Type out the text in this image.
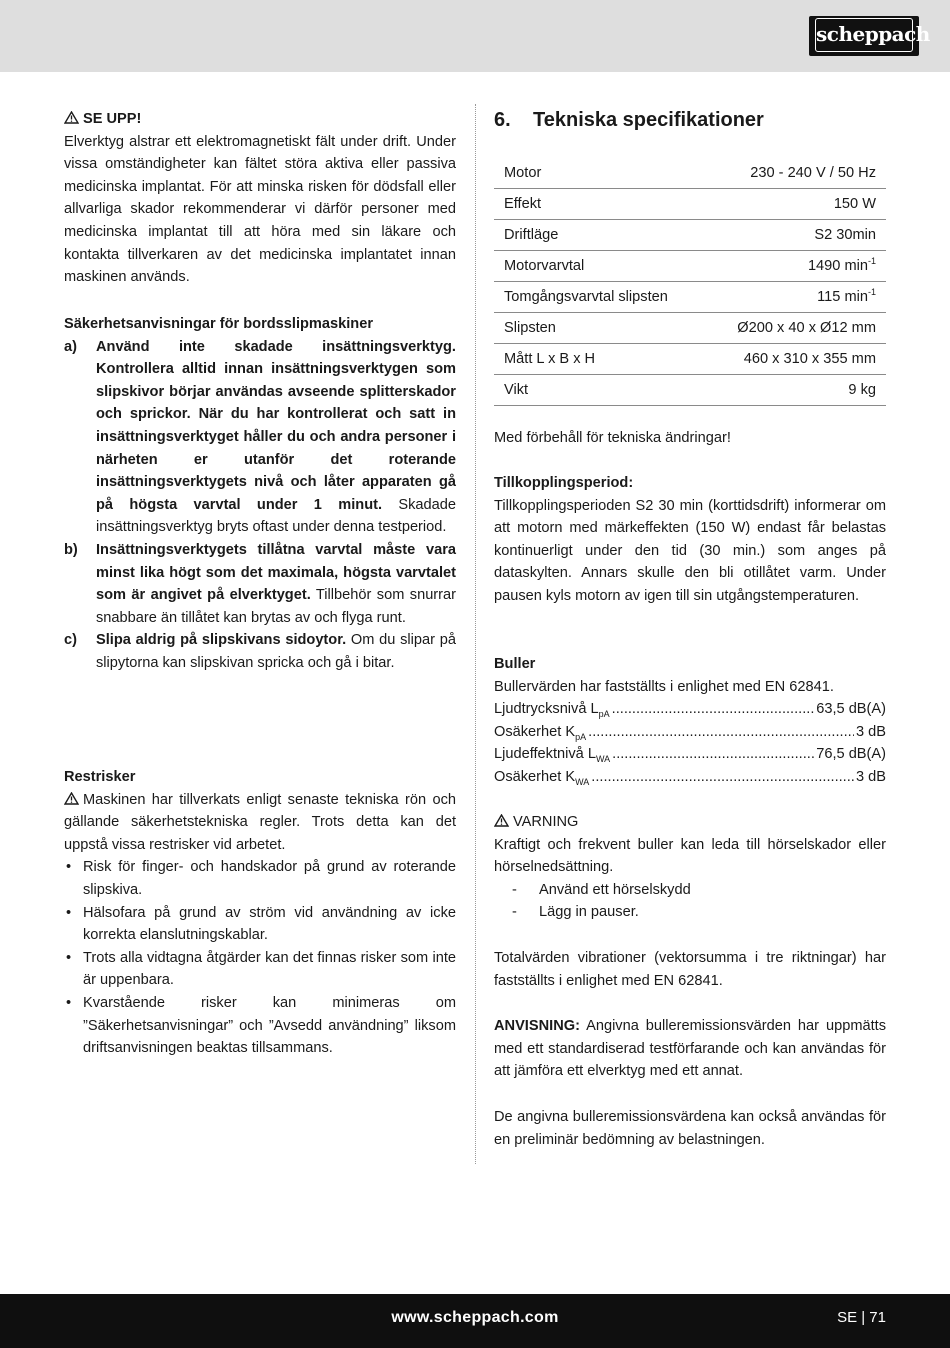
scheppach

SE UPP!

Elverktyg alstrar ett elektromagnetiskt fält under drift. Under vissa omständigheter kan fältet störa aktiva eller passiva medicinska implantat. För att minska risken för dödsfall eller allvarliga skador rekommenderar vi därför personer med medicinska implantat till att höra med sin läkare och kontakta tillverkaren av det medicinska implantatet innan maskinen används.

Säkerhetsanvisningar för bordsslipmaskiner

a) Använd inte skadade insättningsverktyg. Kontrollera alltid innan insättningsverktygen som slipskivor börjar användas avseende splitterskador och sprickor. När du har kontrollerat och satt in insättningsverktyget håller du och andra personer i närheten er utanför det roterande insättningsverktygets nivå och låter apparaten gå på högsta varvtal under 1 minut. Skadade insättningsverktyg bryts oftast under denna testperiod.
b) Insättningsverktygets tillåtna varvtal måste vara minst lika högt som det maximala, högsta varvtalet som är angivet på elverktyget. Tillbehör som snurrar snabbare än tillåtet kan brytas av och flyga runt.
c) Slipa aldrig på slipskivans sidoytor. Om du slipar på slipytorna kan slipskivan spricka och gå i bitar.

Restrisker

Maskinen har tillverkats enligt senaste tekniska rön och gällande säkerhetstekniska regler. Trots detta kan det uppstå vissa restrisker vid arbetet.

• Risk för finger- och handskador på grund av roterande slipskiva.
• Hälsofara på grund av ström vid användning av icke korrekta elanslutningskablar.
• Trots alla vidtagna åtgärder kan det finnas risker som inte är uppenbara.
• Kvarstående risker kan minimeras om ”Säkerhetsanvisningar” och ”Avsedd användning” liksom driftsanvisningen beaktas tillsammans.
6. Tekniska specifikationer
Motor	230 - 240 V / 50 Hz
Effekt	150 W
Driftläge	S2 30min
Motorvarvtal	1490 $\min^{-1}$
Tomgångsvarvtal slipsten	115 $\min^{-1}$
Slipsten	Ø200 x 40 x Ø12 mm
Mått L x B x H	460 x 310 x 355 mm
Vikt	9 kg

Med förbehåll för tekniska ändringar!

Tillkopplingsperiod:

Tillkopplingsperioden S2 30 min (korttidsdrift) informerar om att motorn med märkeffekten (150 W) endast får belastas kontinuerligt under den tid (30 min.) som anges på dataskylten. Annars skulle den bli otillåtet varm. Under pausen kyls motorn av igen till sin utgångstemperaturen.

Buller

Bullervärden har fastställts i enlighet med EN 62841.

Ljudtrycksnivå $L_{pA}$ .....	63,5 dB(A)
Osäkerhet $K_{pA}$ .....	3 dB
Ljudeffektnivå $L_{WA}$ .....	76,5 dB(A)
Osäkerhet $K_{WA}$ .....	3 dB

VARNING

Kraftigt och frekvent buller kan leda till hörselskador eller hörselnedsättning.

- Använd ett hörselskydd
- Lägg in pauser.

Totalvärden vibrationer (vektorsumma i tre riktningar) har fastställts i enlighet med EN 62841.

ANVISNING: Angivna bulleremissionsvärden har uppmätts med ett standardiserad testförfarande och kan användas för att jämföra ett elverktyg med ett annat.

De angivna bulleremissionsvärdena kan också användas för en preliminär bedömning av belastningen.

www.scheppach.com	SE | 71
